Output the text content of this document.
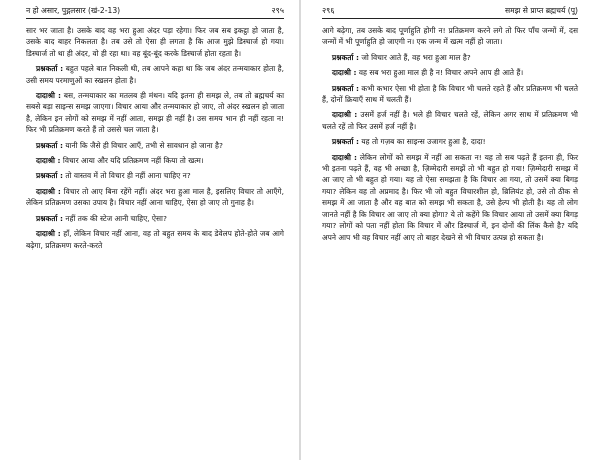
न हो असार, पुद्गलसार (खं-2-13)	२९५

सार भर जाता है। उसके बाद वह भरा हुआ अंदर पड़ा रहेगा। फिर जब सब इकट्ठा हो जाता है, उसके बाद बाहर निकलता है। तब उसे तो ऐसा ही लगता है कि आज मुझे डिस्चार्ज हो गया। डिस्चार्ज तो था ही अंदर, वो ही रहा था। वह बूंद-बूंद करके डिस्चार्ज होता रहता है।

प्रश्नकर्ता : बहुत पहले बात निकली थी, तब आपने कहा था कि जब अंदर तन्मयाकार होता है, उसी समय परमाणुओं का स्खलन होता है।

दादाश्री : बस, तन्मयाकार का मतलब ही मंथन। यदि इतना ही समझ ले, तब तो ब्रह्मचर्य का सबसे बड़ा साइन्स समझ जाएगा। विचार आया और तन्मयाकार हो जाए, तो अंदर स्खलन हो जाता है, लेकिन इन लोगों को समझ में नहीं आता, समझ ही नहीं है। उस समय भान ही नहीं रहता न! फिर भी प्रतिक्रमण करते हैं तो उससे चल जाता है।

प्रश्नकर्ता : यानी कि जैसे ही विचार आएँ, तभी से सावधान हो जाना है?

दादाश्री : विचार आया और यदि प्रतिक्रमण नहीं किया तो खत्म।

प्रश्नकर्ता : तो वास्तव में तो विचार ही नहीं आना चाहिए न?

दादाश्री : विचार तो आए बिना रहेंगे नहीं। अंदर भरा हुआ माल है, इसलिए विचार तो आएँगे, लेकिन प्रतिक्रमण उसका उपाय है। विचार नहीं आना चाहिए, ऐसा हो जाए तो गुनाह है।

प्रश्नकर्ता : नहीं तक की स्टेज आनी चाहिए, ऐसा?

दादाश्री : हाँ, लेकिन विचार नहीं आना, वह तो बहुत समय के बाद डेवेलप होते-होते जब आगे बढ़ेगा, प्रतिक्रमण करते-करते

२९६	समझ से प्राप्त ब्रह्मचर्य (पू)

आगे बढ़ेगा, तब उसके बाद पूर्णाहुति होगी न! प्रतिक्रमण करने लगे तो फिर पाँच जन्मों में, दस जन्मों में भी पूर्णाहुति हो जाएगी न। एक जन्म में खत्म नहीं हो जाता।

प्रश्नकर्ता : जो विचार आते हैं, वह भरा हुआ माल है?

दादाश्री : वह सब भरा हुआ माल ही है न! विचार अपने आप ही आते हैं।

प्रश्नकर्ता : कभी कभार ऐसा भी होता है कि विचार भी चलते रहते हैं और प्रतिक्रमण भी चलते हैं, दोनों क्रियाएँ साथ में चलती हैं।

दादाश्री : उसमें हर्ज नहीं है। भले ही विचार चलते रहें, लेकिन अगर साथ में प्रतिक्रमण भी चलते रहें तो फिर उसमें हर्ज नहीं है।

प्रश्नकर्ता : यह तो गज़ब का साइन्स उजागर हुआ है, दादा!

दादाश्री : लेकिन लोगों को समझ में नहीं आ सकता न! यह तो सब पढ़ते हैं इतना ही, फिर भी इतना पढ़ते हैं, वह भी अच्छा है, ज़िम्मेदारी समझें तो भी बहुत हो गया! ज़िम्मेदारी समझ में आ जाए तो भी बहुत हो गया। यह तो ऐसा समझता है कि विचार आ गया, तो उसमें क्या बिगड़ गया? लेकिन वह तो अप्रमाद है। फिर भी जो बहुत विचारशील हो, ब्रिलियंट हो, उसे तो ठीक से समझ में आ जाता है और वह बात को समझ भी सकता है, उसे हेल्प भी होती है। यह तो लोग जानते नहीं है कि विचार आ जाए तो क्या होगा? ये तो कहेंगे कि विचार आया तो उसमें क्या बिगड़ गया? लोगों को पता नहीं होता कि विचार में और डिस्चार्ज में, इन दोनों की लिंक कैसे है? यदि अपने आप भी वह विचार नहीं आए तो बाहर देखने से भी विचार उत्पन्न हो सकता है।
